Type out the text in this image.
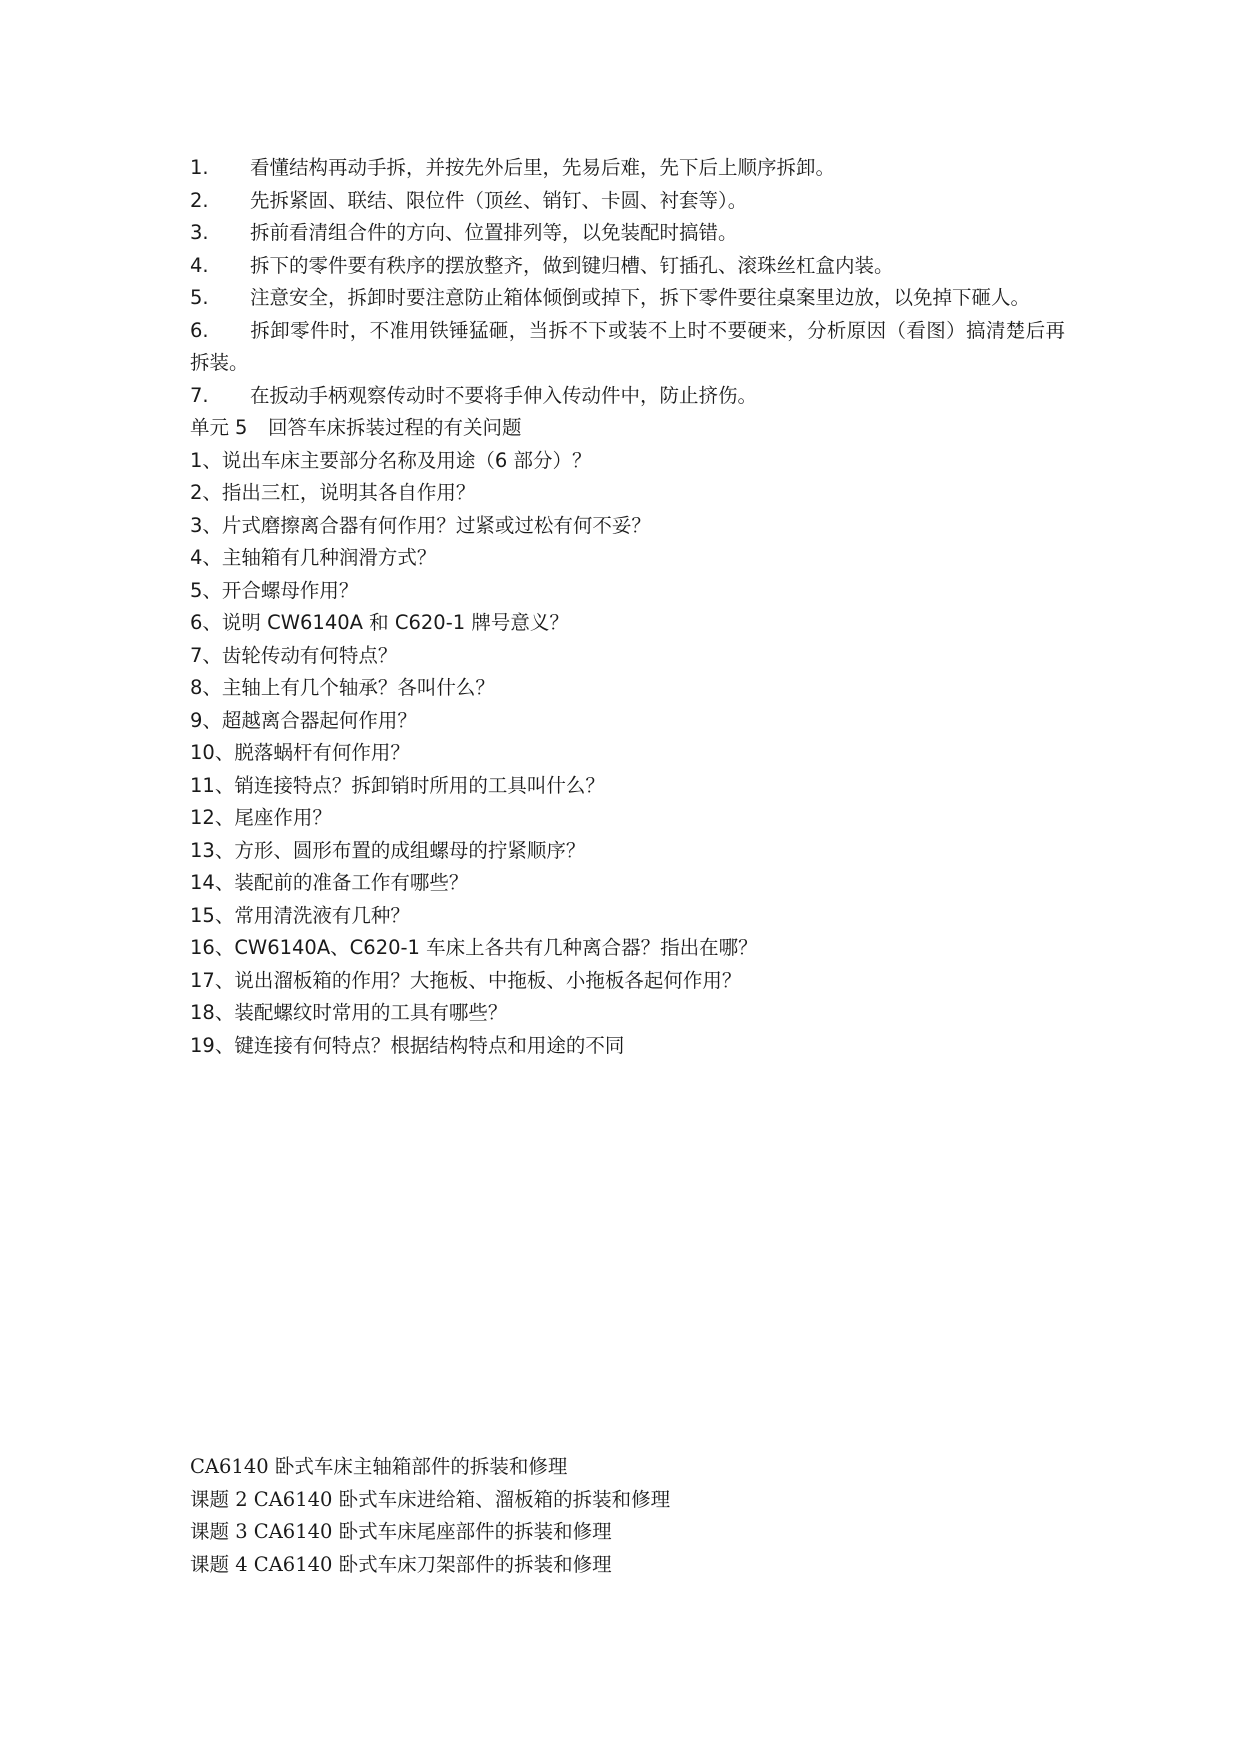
1. 看懂结构再动手拆，并按先外后里，先易后难，先下后上顺序拆卸。

2. 先拆紧固、联结、限位件（顶丝、销钉、卡圆、衬套等）。

3. 拆前看清组合件的方向、位置排列等，以免装配时搞错。

4. 拆下的零件要有秩序的摆放整齐，做到键归槽、钉插孔、滚珠丝杠盒内装。

5. 注意安全，拆卸时要注意防止箱体倾倒或掉下，拆下零件要往桌案里边放，以免掉下砸人。

6. 拆卸零件时，不准用铁锤猛砸，当拆不下或装不上时不要硬来，分析原因（看图）搞清楚后再拆装。

7. 在扳动手柄观察传动时不要将手伸入传动件中，防止挤伤。

单元 5 回答车床拆装过程的有关问题

1、说出车床主要部分名称及用途（6 部分）？
2、指出三杠，说明其各自作用？
3、片式磨擦离合器有何作用？过紧或过松有何不妥？
4、主轴箱有几种润滑方式？
5、开合螺母作用？
6、说明 CW6140A 和 C620-1 牌号意义？
7、齿轮传动有何特点？
8、主轴上有几个轴承？各叫什么？
9、超越离合器起何作用？
10、脱落蜗杆有何作用？
11、销连接特点？拆卸销时所用的工具叫什么？
12、尾座作用？
13、方形、圆形布置的成组螺母的拧紧顺序？
14、装配前的准备工作有哪些？
15、常用清洗液有几种？
16、CW6140A、C620-1 车床上各共有几种离合器？指出在哪？
17、说出溜板箱的作用？大拖板、中拖板、小拖板各起何作用？
18、装配螺纹时常用的工具有哪些？
19、键连接有何特点？根据结构特点和用途的不同

CA6140 卧式车床主轴箱部件的拆装和修理

课题 2 CA6140 卧式车床进给箱、溜板箱的拆装和修理

课题 3 CA6140 卧式车床尾座部件的拆装和修理

课题 4 CA6140 卧式车床刀架部件的拆装和修理
